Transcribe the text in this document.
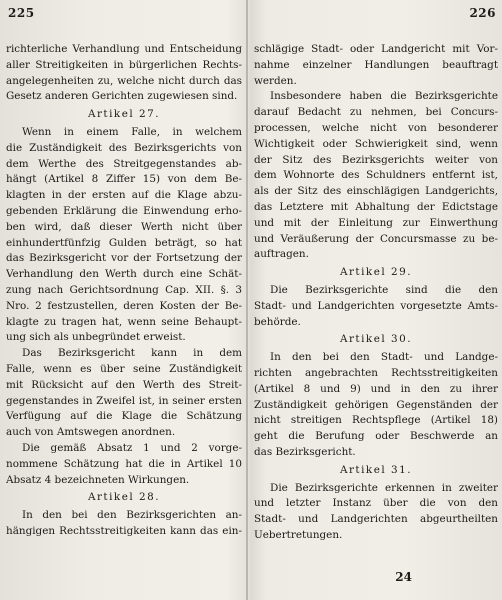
225
richterliche Verhandlung und Entscheidung
aller Streitigkeiten in bürgerlichen Rechts-
angelegenheiten zu, welche nicht durch das
Gesetz anderen Gerichten zugewiesen sind.
Artikel 27.
Wenn in einem Falle, in welchem
die Zuständigkeit des Bezirksgerichts von
dem Werthe des Streitgegenstandes ab-
hängt (Artikel 8 Ziffer 15) von dem Be-
klagten in der ersten auf die Klage abzu-
gebenden Erklärung die Einwendung erho-
ben wird, daß dieser Werth nicht über
einhundertfünfzig Gulden beträgt, so hat
das Bezirksgericht vor der Fortsetzung der
Verhandlung den Werth durch eine Schät-
zung nach Gerichtsordnung Cap. XII. §. 3
Nro. 2 festzustellen, deren Kosten der Be-
klagte zu tragen hat, wenn seine Behaupt-
ung sich als unbegründet erweist.
Das Bezirksgericht kann in dem
Falle, wenn es über seine Zuständigkeit
mit Rücksicht auf den Werth des Streit-
gegenstandes in Zweifel ist, in seiner ersten
Verfügung auf die Klage die Schätzung
auch von Amtswegen anordnen.
Die gemäß Absatz 1 und 2 vorge-
nommene Schätzung hat die in Artikel 10
Absatz 4 bezeichneten Wirkungen.
Artikel 28.
In den bei den Bezirksgerichten an-
hängigen Rechtsstreitigkeiten kann das ein-
226
schlägige Stadt- oder Landgericht mit Vor-
nahme einzelner Handlungen beauftragt
werden.
Insbesondere haben die Bezirksgerichte
darauf Bedacht zu nehmen, bei Concurs-
processen, welche nicht von besonderer
Wichtigkeit oder Schwierigkeit sind, wenn
der Sitz des Bezirksgerichts weiter von
dem Wohnorte des Schuldners entfernt ist,
als der Sitz des einschlägigen Landgerichts,
das Letztere mit Abhaltung der Edictstage
und mit der Einleitung zur Einwerthung
und Veräußerung der Concursmasse zu be-
auftragen.
Artikel 29.
Die Bezirksgerichte sind die den
Stadt- und Landgerichten vorgesetzte Amts-
behörde.
Artikel 30.
In den bei den Stadt- und Landge-
richten angebrachten Rechtsstreitigkeiten
(Artikel 8 und 9) und in den zu ihrer
Zuständigkeit gehörigen Gegenständen der
nicht streitigen Rechtspflege (Artikel 18)
geht die Berufung oder Beschwerde an
das Bezirksgericht.
Artikel 31.
Die Bezirksgerichte erkennen in zweiter
und letzter Instanz über die von den
Stadt- und Landgerichten abgeurtheilten
Uebertretungen.
24
